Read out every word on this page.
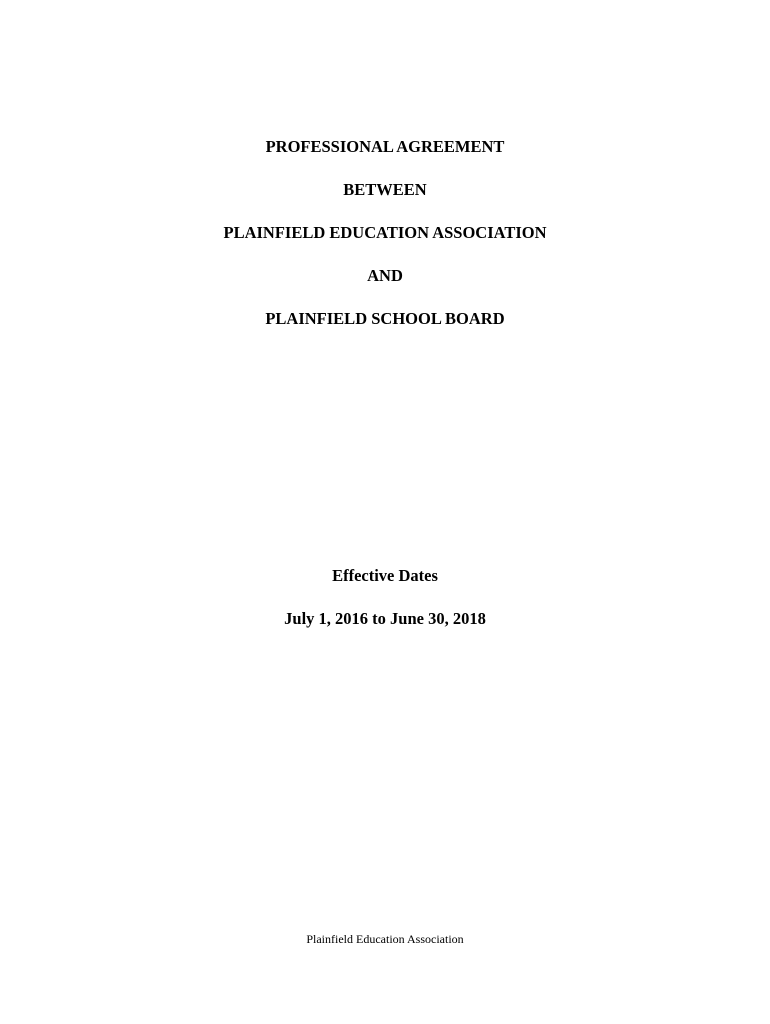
PROFESSIONAL AGREEMENT
BETWEEN
PLAINFIELD EDUCATION ASSOCIATION
AND
PLAINFIELD SCHOOL BOARD
Effective Dates
July 1, 2016 to June 30, 2018
Plainfield Education Association
